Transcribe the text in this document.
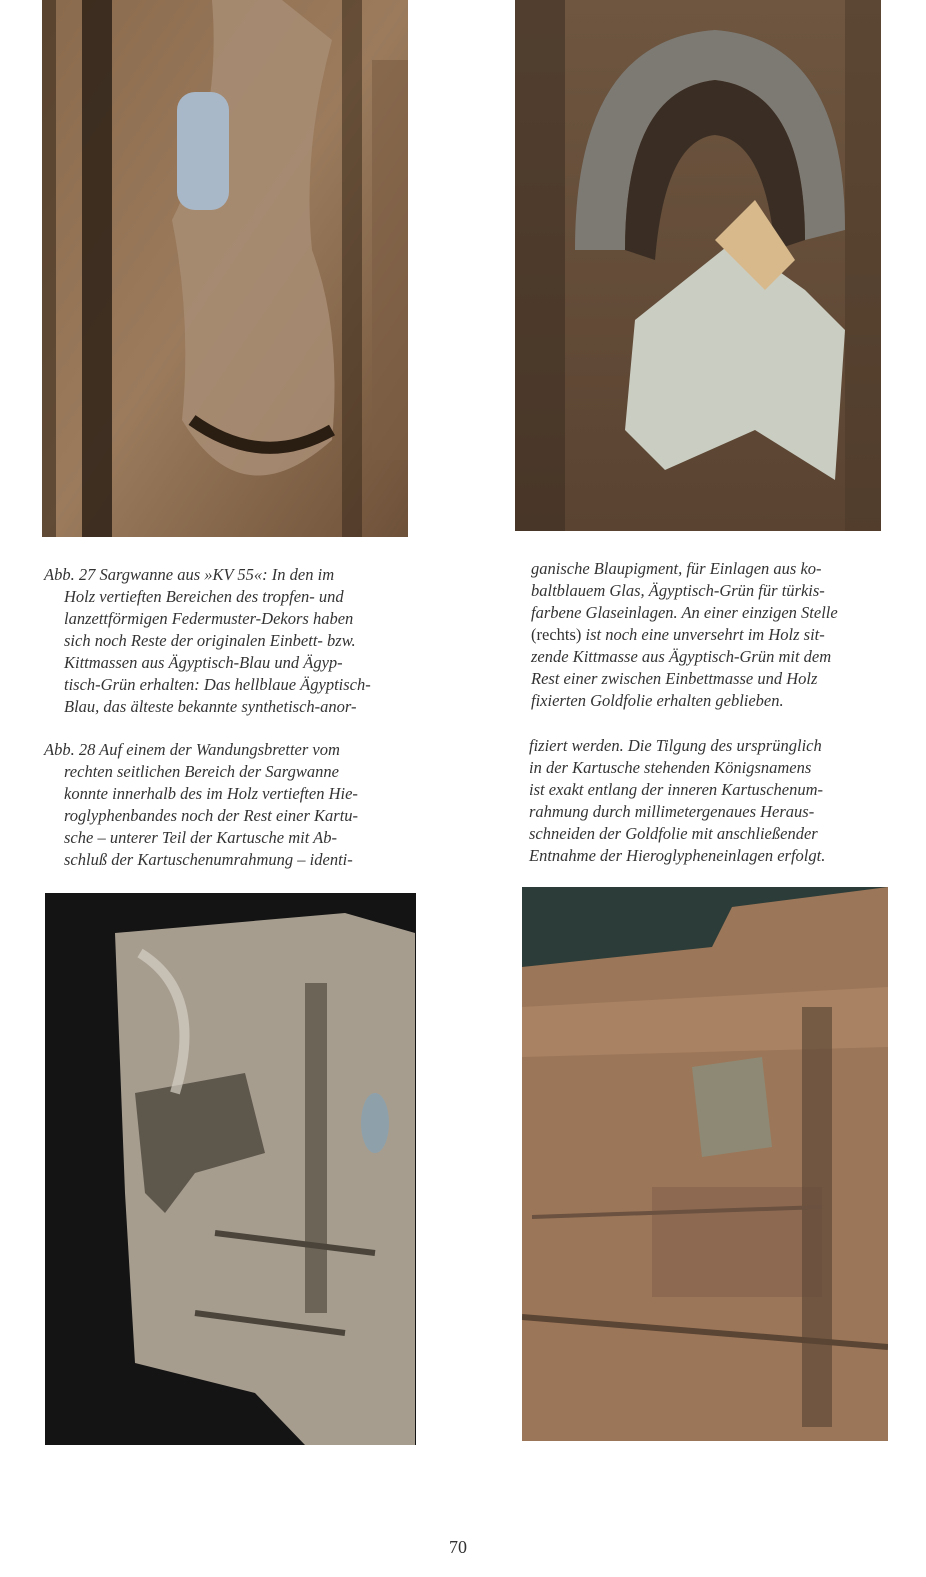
Abb. 27 Sargwanne aus »KV 55«: In den im
Holz vertieften Bereichen des tropfen- und
lanzettförmigen Federmuster-Dekors haben
sich noch Reste der originalen Einbett- bzw.
Kittmassen aus Ägyptisch-Blau und Ägyp-
tisch-Grün erhalten: Das hellblaue Ägyptisch-
Blau, das älteste bekannte synthetisch-anor-

ganische Blaupigment, für Einlagen aus ko-
baltblauem Glas, Ägyptisch-Grün für türkis-
farbene Glaseinlagen. An einer einzigen Stelle
(rechts) ist noch eine unversehrt im Holz sit-
zende Kittmasse aus Ägyptisch-Grün mit dem
Rest einer zwischen Einbettmasse und Holz
fixierten Goldfolie erhalten geblieben.

Abb. 28 Auf einem der Wandungsbretter vom
rechten seitlichen Bereich der Sargwanne
konnte innerhalb des im Holz vertieften Hie-
roglyphenbandes noch der Rest einer Kartu-
sche – unterer Teil der Kartusche mit Ab-
schluß der Kartuschenumrahmung – identi-

fiziert werden. Die Tilgung des ursprünglich
in der Kartusche stehenden Königsnamens
ist exakt entlang der inneren Kartuschenum-
rahmung durch millimetergenaues Heraus-
schneiden der Goldfolie mit anschließender
Entnahme der Hieroglypheneinlagen erfolgt.

70
